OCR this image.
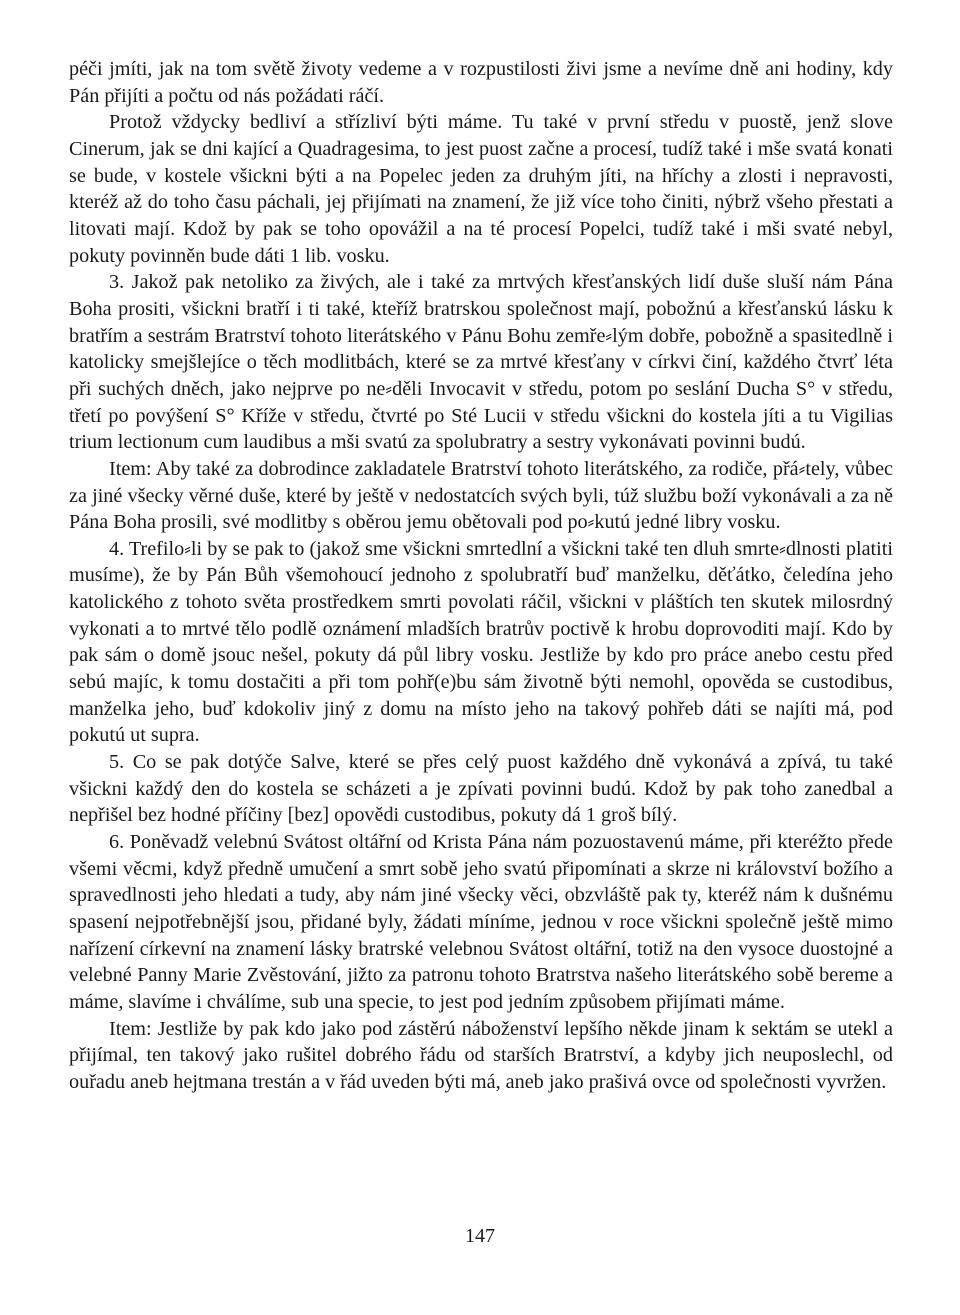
péči jmíti, jak na tom světě životy vedeme a v rozpustilosti živi jsme a nevíme dně ani hodiny, kdy Pán přijíti a počtu od nás požádati ráčí.

Protož vždycky bedliví a střízliví býti máme. Tu také v první středu v puostě, jenž slove Cinerum, jak se dni kající a Quadragesima, to jest puost začne a procesí, tudíž také i mše svatá konati se bude, v kostele všickni býti a na Popelec jeden za druhým jíti, na hříchy a zlosti i nepravosti, kteréž až do toho času páchali, jej přijímati na znamení, že již více toho činiti, nýbrž všeho přestati a litovati mají. Kdož by pak se toho opovážil a na té procesí Popelci, tudíž také i mši svaté nebyl, pokuty povinněn bude dáti 1 lib. vosku.

3. Jakož pak netoliko za živých, ale i také za mrtvých křesťanských lidí duše sluší nám Pána Boha prositi, všickni bratří i ti také, kteříž bratrskou společnost mají, pobožnú a křesťanskú lásku k bratřím a sestrám Bratrství tohoto literátského v Pánu Bohu zemře⸗lým dobře, pobožně a spasitedlně i katolicky smejšlejíce o těch modlitbách, které se za mrtvé křesťany v církvi činí, každého čtvrť léta při suchých dněch, jako nejprve po ne⸗děli Invocavit v středu, potom po seslání Ducha S° v středu, třetí po povýšení S° Kříže v středu, čtvrté po Sté Lucii v středu všickni do kostela jíti a tu Vigilias trium lectionum cum laudibus a mši svatú za spolubratry a sestry vykonávati povinni budú.

Item: Aby také za dobrodince zakladatele Bratrství tohoto literátského, za rodiče, přá⸗tely, vůbec za jiné všecky věrné duše, které by ještě v nedostatcích svých byli, túž službu boží vykonávali a za ně Pána Boha prosili, své modlitby s oběrou jemu obětovali pod po⸗kutú jedné libry vosku.

4. Trefilo⸗li by se pak to (jakož sme všickni smrtedlní a všickni také ten dluh smrte⸗dlnosti platiti musíme), že by Pán Bůh všemohoucí jednoho z spolubratří buď manželku, děťátko, čeledína jeho katolického z tohoto světa prostředkem smrti povolati ráčil, všickni v pláštích ten skutek milosrdný vykonati a to mrtvé tělo podlě oznámení mladších bratrův poctivě k hrobu doprovoditi mají. Kdo by pak sám o domě jsouc nešel, pokuty dá půl libry vosku. Jestliže by kdo pro práce anebo cestu před sebú majíc, k tomu dostačiti a při tom pohř(e)bu sám životně býti nemohl, opověda se custodibus, manželka jeho, buď kdokoliv jiný z domu na místo jeho na takový pohřeb dáti se najíti má, pod pokutú ut supra.

5. Co se pak dotýče Salve, které se přes celý puost každého dně vykonává a zpívá, tu také všickni každý den do kostela se scházeti a je zpívati povinni budú. Kdož by pak toho zanedbal a nepřišel bez hodné příčiny [bez] opovědi custodibus, pokuty dá 1 groš bílý.

6. Poněvadž velebnú Svátost oltářní od Krista Pána nám pozuostavenú máme, při kteréžto přede všemi věcmi, když předně umučení a smrt sobě jeho svatú připomínati a skrze ni království božího a spravedlnosti jeho hledati a tudy, aby nám jiné všecky věci, obzvláště pak ty, kteréž nám k dušnému spasení nejpotřebnější jsou, přidané byly, žádati míníme, jednou v roce všickni společně ještě mimo nařízení církevní na znamení lásky bratrské velebnou Svátost oltářní, totiž na den vysoce duostojné a velebné Panny Marie Zvěstování, jižto za patronu tohoto Bratrstva našeho literátského sobě bereme a máme, slavíme i chválíme, sub una specie, to jest pod jedním způsobem přijímati máme.

Item: Jestliže by pak kdo jako pod zástěrú náboženství lepšího někde jinam k sektám se utekl a přijímal, ten takový jako rušitel dobrého řádu od starších Bratrství, a kdyby jich neuposlechl, od ouřadu aneb hejtmana trestán a v řád uveden býti má, aneb jako prašivá ovce od společnosti vyvržen.

147
